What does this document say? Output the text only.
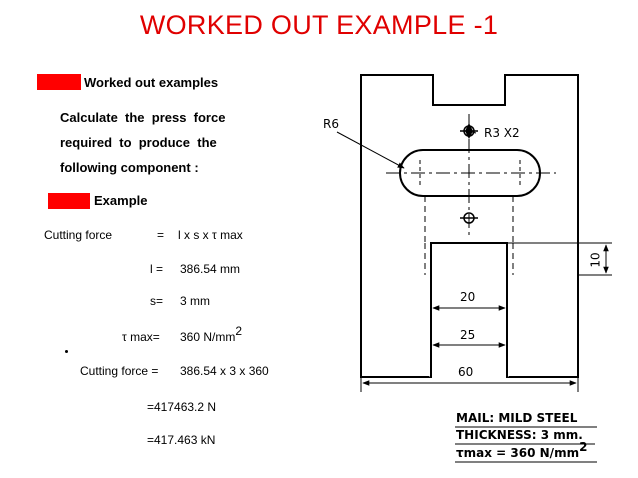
WORKED OUT EXAMPLE -1
Worked out examples
Calculate  the  press  force
required  to  produce  the
following component :
Example
Cutting force	= l x s x τ max
l = 386.54 mm
s= 3 mm
τ max= 360 N/mm2
Cutting force = 386.54 x 3 x 360
=417463.2 N
=417.463 kN
R6
R3 X2
10
20
25
60
MAIL: MILD STEEL
THICKNESS: 3 mm.
τmax = 360 N/mm2
